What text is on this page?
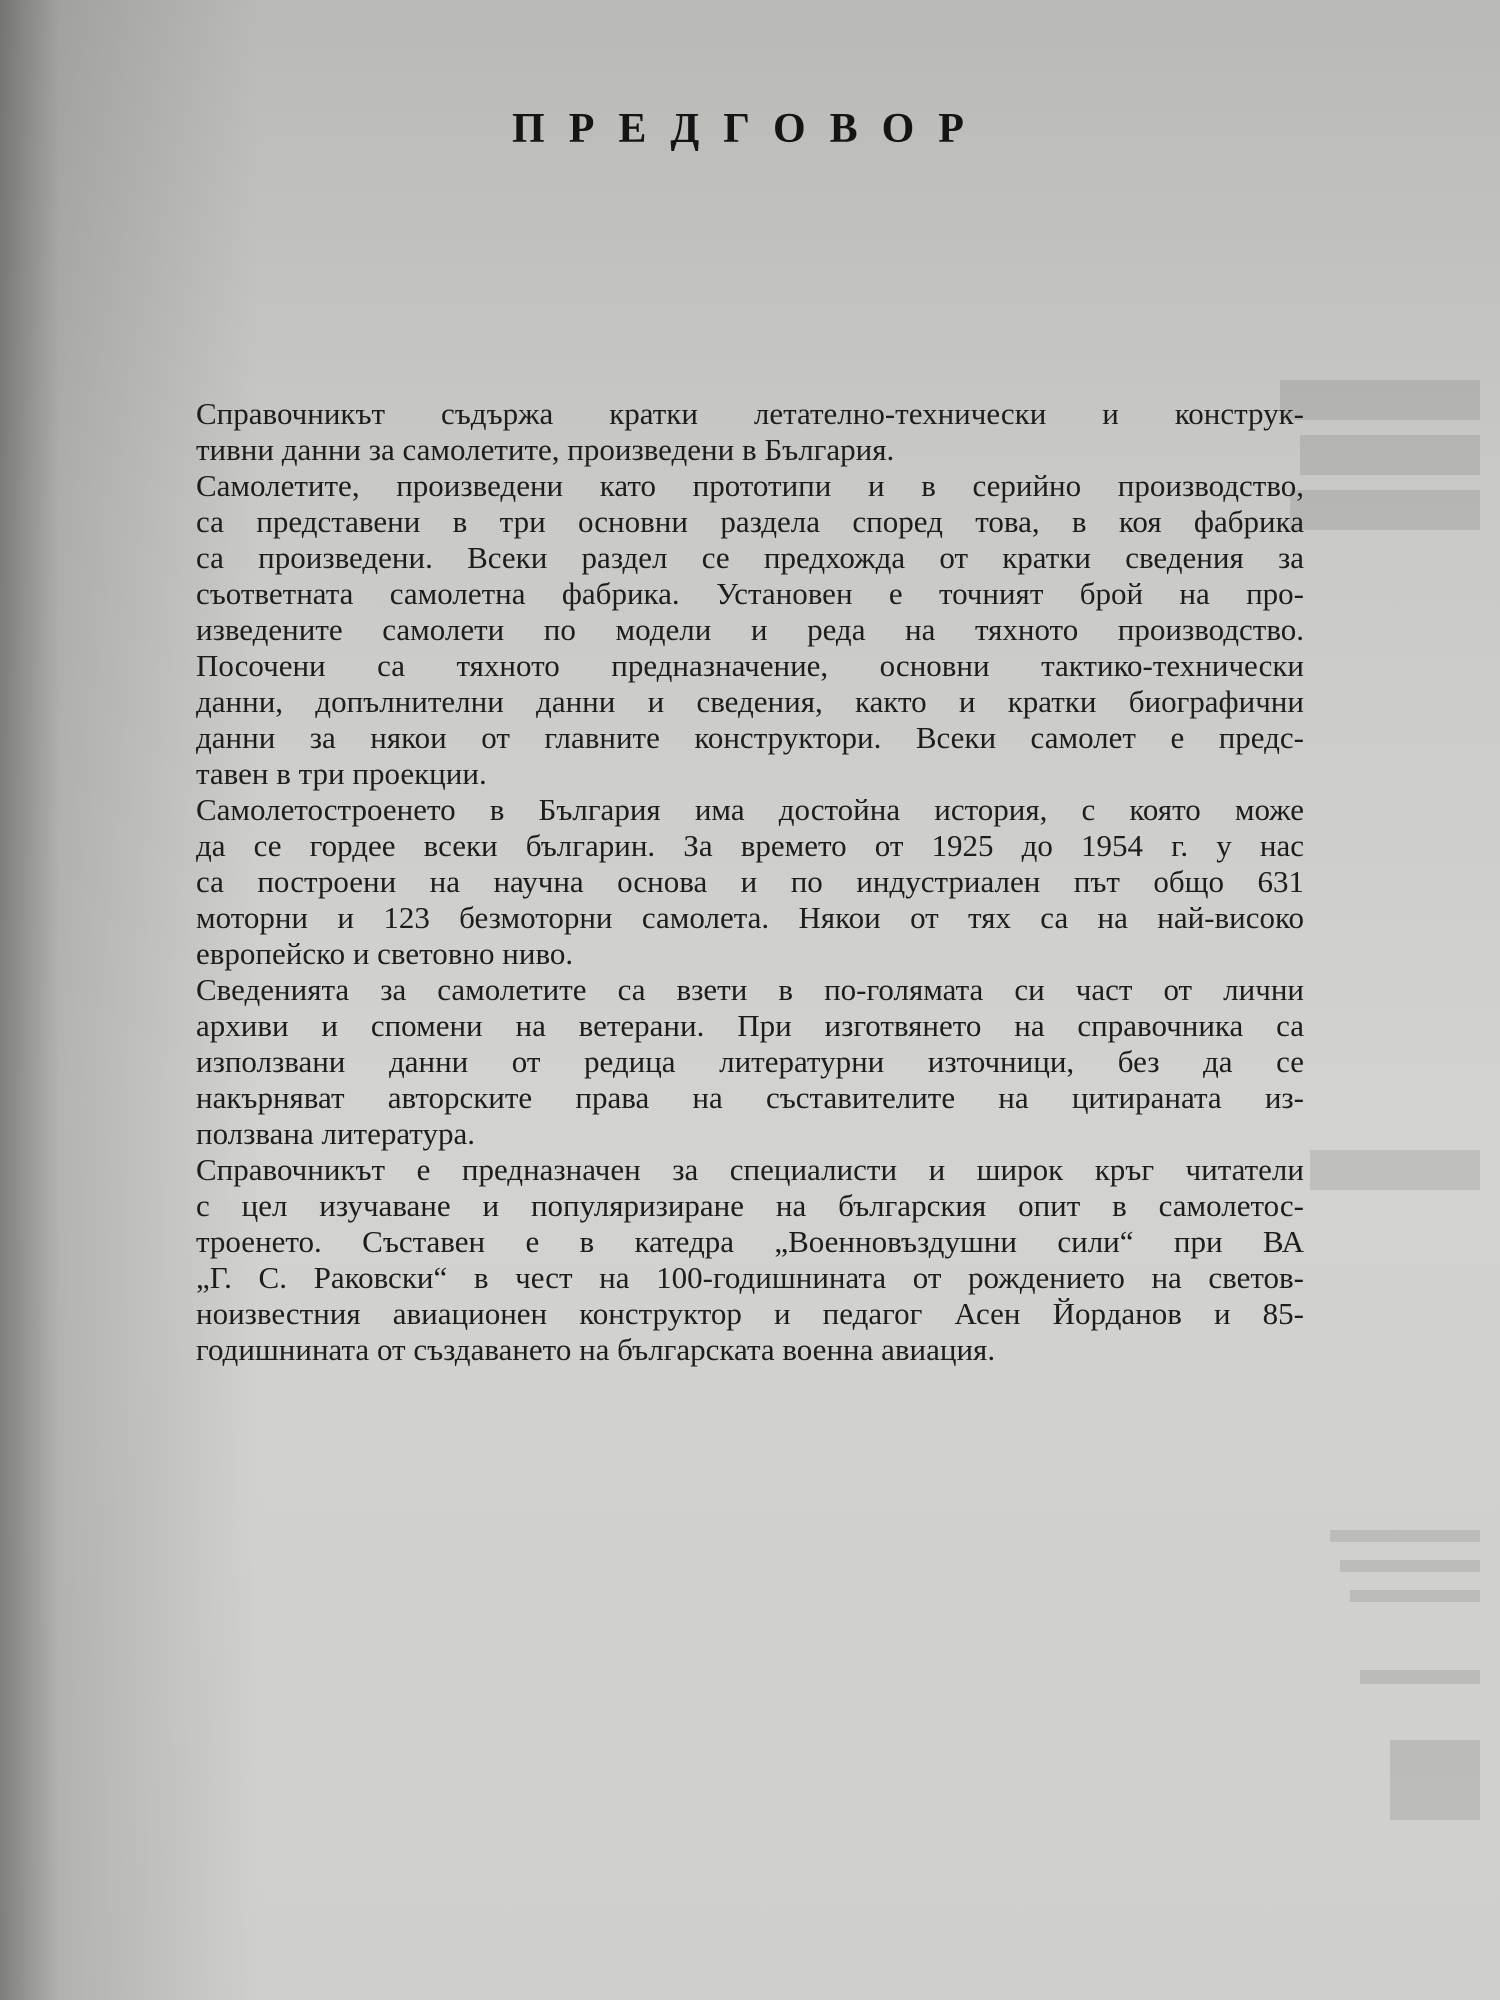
ПРЕДГОВОР

Справочникът съдържа кратки летателно-технически и конструк-
тивни данни за самолетите, произведени в България.

Самолетите, произведени като прототипи и в серийно производство,
са представени в три основни раздела според това, в коя фабрика
са произведени. Всеки раздел се предхожда от кратки сведения за
съответната самолетна фабрика. Установен е точният брой на про-
изведените самолети по модели и реда на тяхното производство.
Посочени са тяхното предназначение, основни тактико-технически
данни, допълнителни данни и сведения, както и кратки биографични
данни за някои от главните конструктори. Всеки самолет е предс-
тавен в три проекции.

Самолетостроенето в България има достойна история, с която може
да се гордее всеки българин. За времето от 1925 до 1954 г. у нас
са построени на научна основа и по индустриален път общо 631
моторни и 123 безмоторни самолета. Някои от тях са на най-високо
европейско и световно ниво.

Сведенията за самолетите са взети в по-голямата си част от лични
архиви и спомени на ветерани. При изготвянето на справочника са
използвани данни от редица литературни източници, без да се
накърняват авторските права на съставителите на цитираната из-
ползвана литература.

Справочникът е предназначен за специалисти и широк кръг читатели
с цел изучаване и популяризиране на българския опит в самолетос-
троенето. Съставен е в катедра „Военновъздушни сили“ при ВА
„Г. С. Раковски“ в чест на 100-годишнината от рождението на светов-
ноизвестния авиационен конструктор и педагог Асен Йорданов и 85-
годишнината от създаването на българската военна авиация.
